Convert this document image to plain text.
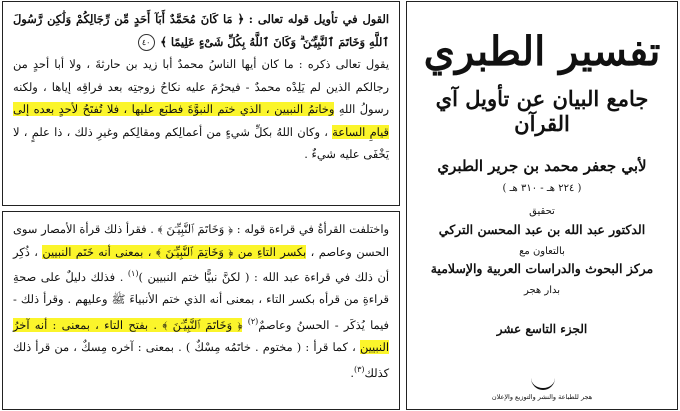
القول في تأويل قوله تعالى : ﴿ مَا كَانَ مُحَمَّدٌ أَبَآ أَحَدٍ مِّن رِّجَالِكُمْ وَلَٰكِن رَّسُولَ ٱللَّهِ وَخَاتَمَ ٱلنَّبِيِّـۧنَ ۗ وَكَانَ ٱللَّهُ بِكُلِّ شَىْءٍ عَلِيمًا ﴾ ٤٠

يقول تعالى ذكره : ما كان أيها الناسُ محمدٌ أبا زيد بن حارثةَ ، ولا أبا أحدٍ من رجالكم الذين لم يَلِدْه محمدٌ - فيحرُمَ عليه نكاحُ زوجتِه بعد فراقِه إياها ، ولكنه رسولُ اللهِ وخاتمُ النبيين ، الذي ختم النبوَّةَ فطبَع عليها ، فلا تُفتَحُ لأحدٍ بعده إلى قيامِ الساعة ، وكان اللهُ بكلِّ شيءٍ من أعمالِكم ومقالِكم وغيرِ ذلك ، ذا علمٍ ، لا يَخْفَى عليه شيءٌ .

واختلفت القرأةُ في قراءة قوله : ﴿ وَخَاتَمَ ٱلنَّبِيِّـۧنَ ﴾ . فقرأ ذلك قرأة الأمصار سوى الحسن وعاصم ، بكسر التاءِ من ﴿ وَخَاتِمَ ٱلنَّبِيِّـۧنَ ﴾ ، بمعنى أنه خَتَم النبيين ، ذُكِر أن ذلك في قراءة عبد الله : ( لكنَّ نبيًّا ختم النبيين )$^{(١)}$ . فذلك دليلٌ على صحةِ قراءةِ من قرأه بكسر التاء ، بمعنى أنه الذي ختم الأنبياءَ ﷺ وعليهم . وقرأ ذلك - فيما يُذكَر - الحسنُ وعاصمٌ$^{(٢)}$ ﴿ وَخَاتَمَ ٱلنَّبِيِّـۧنَ ﴾ . بفتح التاء ، بمعنى : أنه آخرُ النبيين ، كما قرأ : ( مختوم . خاتَمُه مِسْكٌ ) . بمعنى : آخره مِسكٌ ، من قرأ ذلك كذلك$^{(٣)}$.

تفسير الطبري
جامع البيان عن تأويل آي القرآن
لأبي جعفر محمد بن جرير الطبري
( ٢٢٤ هـ - ٣١٠ هـ )
تحقيق
الدكتور عبد الله بن عبد المحسن التركي
بالتعاون مع
مركز البحوث والدراسات العربية والإسلامية
بدار هجر
الجزء التاسع عشر
هجر للطباعة والنشر والتوزيع والإعلان
